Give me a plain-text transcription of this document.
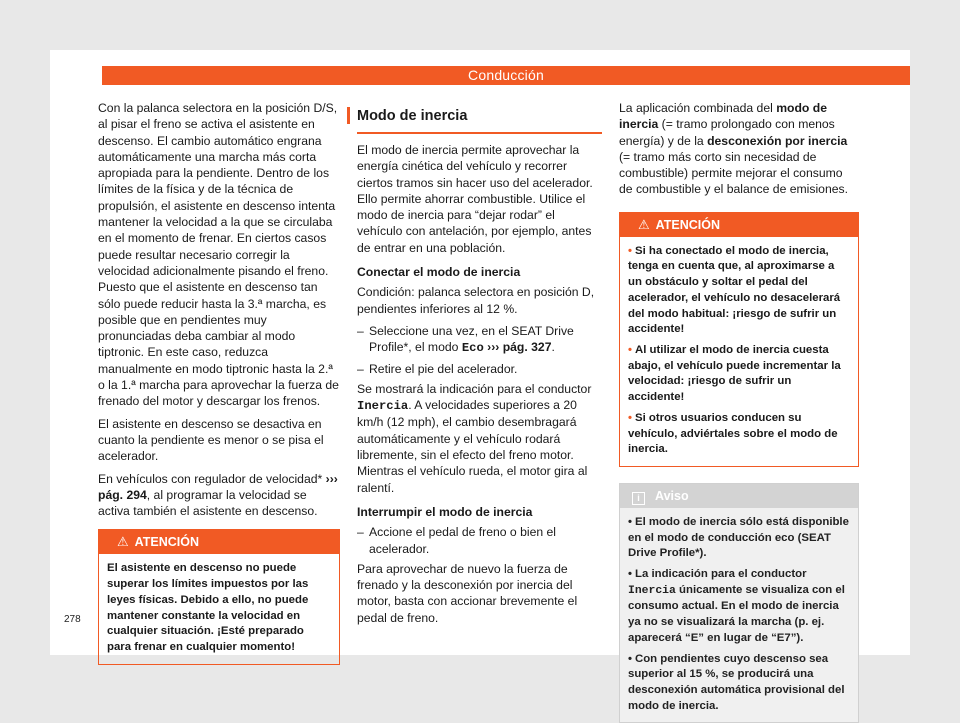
Conducción

Con la palanca selectora en la posición D/S, al pisar el freno se activa el asistente en descenso. El cambio automático engrana automáticamente una marcha más corta apropiada para la pendiente. Dentro de los límites de la física y de la técnica de propulsión, el asistente en descenso intenta mantener la velocidad a la que se circulaba en el momento de frenar. En ciertos casos puede resultar necesario corregir la velocidad adicionalmente pisando el freno. Puesto que el asistente en descenso tan sólo puede reducir hasta la 3.ª marcha, es posible que en pendientes muy pronunciadas deba cambiar al modo tiptronic. En este caso, reduzca manualmente en modo tiptronic hasta la 2.ª o la 1.ª marcha para aprovechar la fuerza de frenado del motor y descargar los frenos.

El asistente en descenso se desactiva en cuanto la pendiente es menor o se pisa el acelerador.

En vehículos con regulador de velocidad* ››› pág. 294, al programar la velocidad se activa también el asistente en descenso.

⚠ ATENCIÓN
El asistente en descenso no puede superar los límites impuestos por las leyes físicas. Debido a ello, no puede mantener constante la velocidad en cualquier situación. ¡Esté preparado para frenar en cualquier momento!
Modo de inercia

El modo de inercia permite aprovechar la energía cinética del vehículo y recorrer ciertos tramos sin hacer uso del acelerador. Ello permite ahorrar combustible. Utilice el modo de inercia para “dejar rodar” el vehículo con antelación, por ejemplo, antes de entrar en una población.

Conectar el modo de inercia

Condición: palanca selectora en posición D, pendientes inferiores al 12 %.

– Seleccione una vez, en el SEAT Drive Profile*, el modo Eco ››› pág. 327.
– Retire el pie del acelerador.

Se mostrará la indicación para el conductor Inercia. A velocidades superiores a 20 km/h (12 mph), el cambio desembragará automáticamente y el vehículo rodará libremente, sin el efecto del freno motor. Mientras el vehículo rueda, el motor gira al ralentí.

Interrumpir el modo de inercia
– Accione el pedal de freno o bien el acelerador.

Para aprovechar de nuevo la fuerza de frenado y la desconexión por inercia del motor, basta con accionar brevemente el pedal de freno.

La aplicación combinada del modo de inercia (= tramo prolongado con menos energía) y de la desconexión por inercia (= tramo más corto sin necesidad de combustible) permite mejorar el consumo de combustible y el balance de emisiones.

⚠ ATENCIÓN
• Si ha conectado el modo de inercia, tenga en cuenta que, al aproximarse a un obstáculo y soltar el pedal del acelerador, el vehículo no desacelerará del modo habitual: ¡riesgo de sufrir un accidente!
• Al utilizar el modo de inercia cuesta abajo, el vehículo puede incrementar la velocidad: ¡riesgo de sufrir un accidente!
• Si otros usuarios conducen su vehículo, adviértales sobre el modo de inercia.
i Aviso
• El modo de inercia sólo está disponible en el modo de conducción eco (SEAT Drive Profile*).
• La indicación para el conductor Inercia únicamente se visualiza con el consumo actual. En el modo de inercia ya no se visualizará la marcha (p. ej. aparecerá “E” en lugar de “E7”).
• Con pendientes cuyo descenso sea superior al 15 %, se producirá una desconexión automática provisional del modo de inercia.
278
